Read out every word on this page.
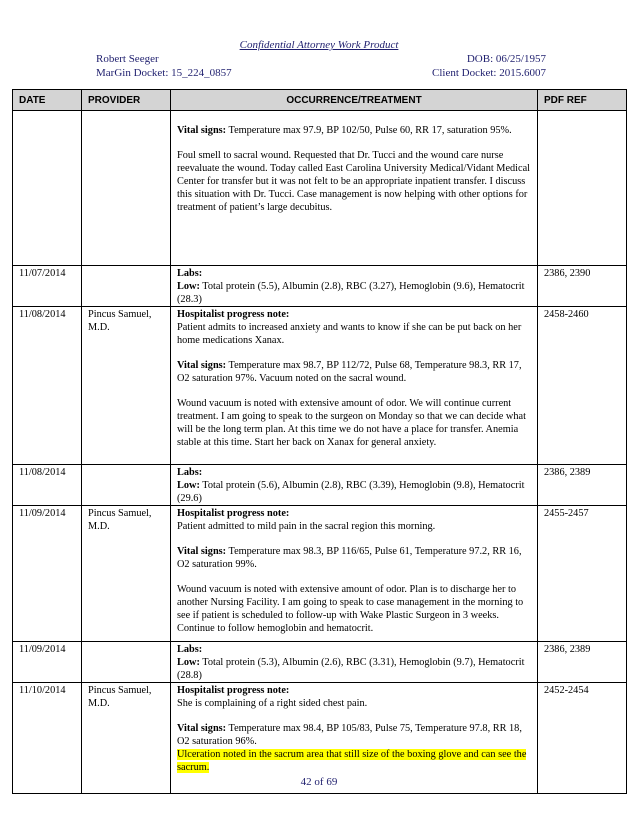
Confidential Attorney Work Product
Robert Seeger	DOB: 06/25/1957
MarGin Docket: 15_224_0857	Client Docket: 2015.6007
DATE	PROVIDER	OCCURRENCE/TREATMENT	PDF REF

		Vital signs: Temperature max 97.9, BP 102/50, Pulse 60, RR 17, saturation 95%.
Foul smell to sacral wound. Requested that Dr. Tucci and the wound care nurse reevaluate the wound. Today called East Carolina University Medical/Vidant Medical Center for transfer but it was not felt to be an appropriate inpatient transfer. I discuss this situation with Dr. Tucci. Case management is now helping with other options for treatment of patient’s large decubitus.	

11/07/2014		Labs:
Low: Total protein (5.5), Albumin (2.8), RBC (3.27), Hemoglobin (9.6), Hematocrit (28.3)	2386, 2390
11/08/2014	Pincus Samuel, M.D.	Hospitalist progress note:
Patient admits to increased anxiety and wants to know if she can be put back on her home medications Xanax.
Vital signs: Temperature max 98.7, BP 112/72, Pulse 68, Temperature 98.3, RR 17, O2 saturation 97%. Vacuum noted on the sacral wound.
Wound vacuum is noted with extensive amount of odor. We will continue current treatment. I am going to speak to the surgeon on Monday so that we can decide what will be the long term plan. At this time we do not have a place for transfer. Anemia stable at this time. Start her back on Xanax for general anxiety.	2458-2460
11/08/2014		Labs:
Low: Total protein (5.6), Albumin (2.8), RBC (3.39), Hemoglobin (9.8), Hematocrit (29.6)	2386, 2389
11/09/2014	Pincus Samuel, M.D.	Hospitalist progress note:
Patient admitted to mild pain in the sacral region this morning.
Vital signs: Temperature max 98.3, BP 116/65, Pulse 61, Temperature 97.2, RR 16, O2 saturation 99%.
Wound vacuum is noted with extensive amount of odor. Plan is to discharge her to another Nursing Facility. I am going to speak to case management in the morning to see if patient is scheduled to follow-up with Wake Plastic Surgeon in 3 weeks. Continue to follow hemoglobin and hematocrit.	2455-2457
11/09/2014		Labs:
Low: Total protein (5.3), Albumin (2.6), RBC (3.31), Hemoglobin (9.7), Hematocrit (28.8)	2386, 2389
11/10/2014	Pincus Samuel, M.D.	Hospitalist progress note:
She is complaining of a right sided chest pain.
Vital signs: Temperature max 98.4, BP 105/83, Pulse 75, Temperature 97.8, RR 18, O2 saturation 96%.
Ulceration noted in the sacrum area that still size of the boxing glove and can see the sacrum.	2452-2454
42 of 69
